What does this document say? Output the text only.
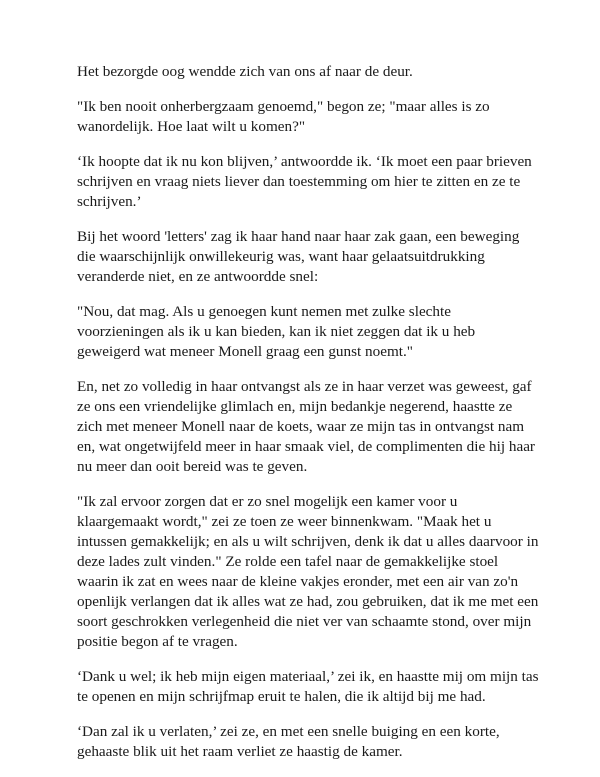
Het bezorgde oog wendde zich van ons af naar de deur.

"Ik ben nooit onherbergzaam genoemd," begon ze; "maar alles is zo
wanordelijk. Hoe laat wilt u komen?"

‘Ik hoopte dat ik nu kon blijven,’ antwoordde ik. ‘Ik moet een paar brieven
schrijven en vraag niets liever dan toestemming om hier te zitten en ze te
schrijven.’

Bij het woord 'letters' zag ik haar hand naar haar zak gaan, een beweging
die waarschijnlijk onwillekeurig was, want haar gelaatsuitdrukking
veranderde niet, en ze antwoordde snel:

"Nou, dat mag. Als u genoegen kunt nemen met zulke slechte
voorzieningen als ik u kan bieden, kan ik niet zeggen dat ik u heb
geweigerd wat meneer Monell graag een gunst noemt."

En, net zo volledig in haar ontvangst als ze in haar verzet was geweest, gaf
ze ons een vriendelijke glimlach en, mijn bedankje negerend, haastte ze
zich met meneer Monell naar de koets, waar ze mijn tas in ontvangst nam
en, wat ongetwijfeld meer in haar smaak viel, de complimenten die hij haar
nu meer dan ooit bereid was te geven.

"Ik zal ervoor zorgen dat er zo snel mogelijk een kamer voor u
klaargemaakt wordt," zei ze toen ze weer binnenkwam. "Maak het u
intussen gemakkelijk; en als u wilt schrijven, denk ik dat u alles daarvoor in
deze lades zult vinden." Ze rolde een tafel naar de gemakkelijke stoel
waarin ik zat en wees naar de kleine vakjes eronder, met een air van zo'n
openlijk verlangen dat ik alles wat ze had, zou gebruiken, dat ik me met een
soort geschrokken verlegenheid die niet ver van schaamte stond, over mijn
positie begon af te vragen.

‘Dank u wel; ik heb mijn eigen materiaal,’ zei ik, en haastte mij om mijn tas
te openen en mijn schrijfmap eruit te halen, die ik altijd bij me had.

‘Dan zal ik u verlaten,’ zei ze, en met een snelle buiging en een korte,
gehaaste blik uit het raam verliet ze haastig de kamer.
